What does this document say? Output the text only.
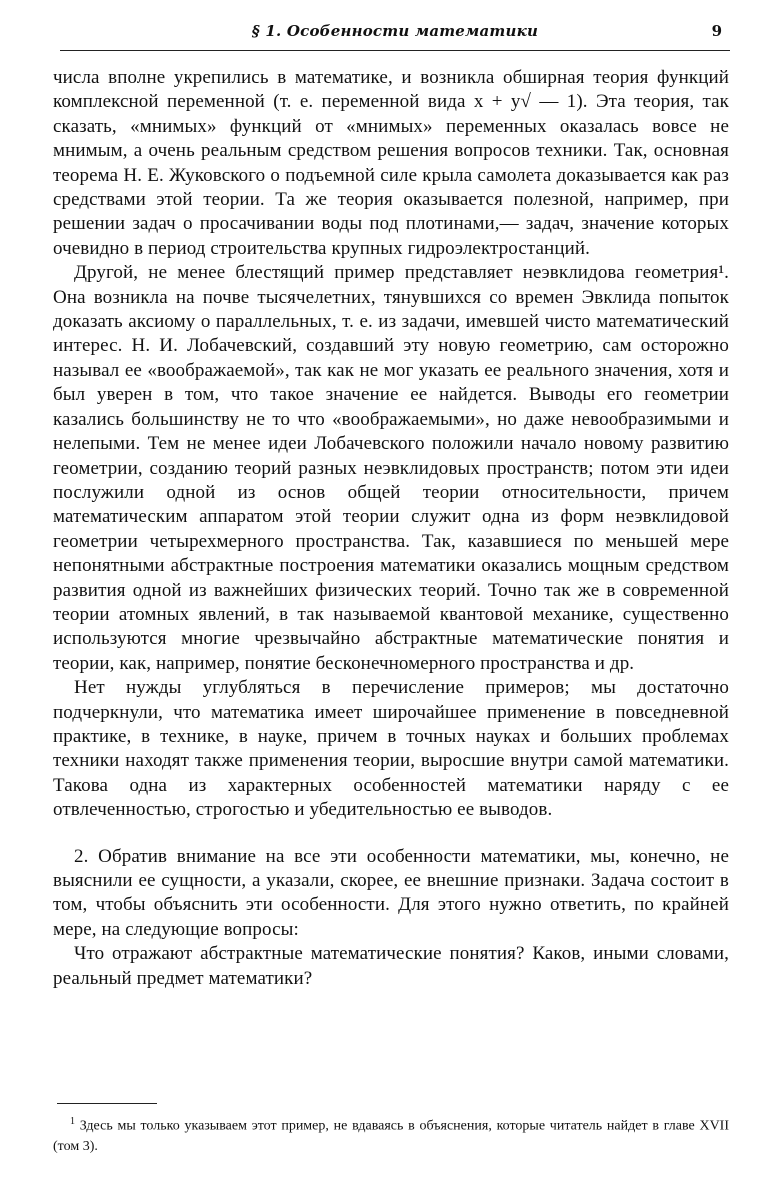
§ 1. Особенности математики	9

числа вполне укрепились в математике, и возникла обширная теория функций комплексной переменной (т. е. переменной вида x + y√ — 1). Эта теория, так сказать, «мнимых» функций от «мнимых» переменных оказалась вовсе не мнимым, а очень реальным средством решения вопросов техники. Так, основная теорема Н. Е. Жуковского о подъемной силе крыла самолета доказывается как раз средствами этой теории. Та же теория оказывается полезной, например, при решении задач о просачивании воды под плотинами,— задач, значение которых очевидно в период строительства крупных гидроэлектростанций.

Другой, не менее блестящий пример представляет неэвклидова геометрия¹. Она возникла на почве тысячелетних, тянувшихся со времен Эвклида попыток доказать аксиому о параллельных, т. е. из задачи, имевшей чисто математический интерес. Н. И. Лобачевский, создавший эту новую геометрию, сам осторожно называл ее «воображаемой», так как не мог указать ее реального значения, хотя и был уверен в том, что такое значение ее найдется. Выводы его геометрии казались большинству не то что «воображаемыми», но даже невообразимыми и нелепыми. Тем не менее идеи Лобачевского положили начало новому развитию геометрии, созданию теорий разных неэвклидовых пространств; потом эти идеи послужили одной из основ общей теории относительности, причем математическим аппаратом этой теории служит одна из форм неэвклидовой геометрии четырехмерного пространства. Так, казавшиеся по меньшей мере непонятными абстрактные построения математики оказались мощным средством развития одной из важнейших физических теорий. Точно так же в современной теории атомных явлений, в так называемой квантовой механике, существенно используются многие чрезвычайно абстрактные математические понятия и теории, как, например, понятие бесконечномерного пространства и др.

Нет нужды углубляться в перечисление примеров; мы достаточно подчеркнули, что математика имеет широчайшее применение в повседневной практике, в технике, в науке, причем в точных науках и больших проблемах техники находят также применения теории, выросшие внутри самой математики. Такова одна из характерных особенностей математики наряду с ее отвлеченностью, строгостью и убедительностью ее выводов.

2. Обратив внимание на все эти особенности математики, мы, конечно, не выяснили ее сущности, а указали, скорее, ее внешние признаки. Задача состоит в том, чтобы объяснить эти особенности. Для этого нужно ответить, по крайней мере, на следующие вопросы:

Что отражают абстрактные математические понятия? Каков, иными словами, реальный предмет математики?

$^1$ Здесь мы только указываем этот пример, не вдаваясь в объяснения, которые читатель найдет в главе XVII (том 3).
